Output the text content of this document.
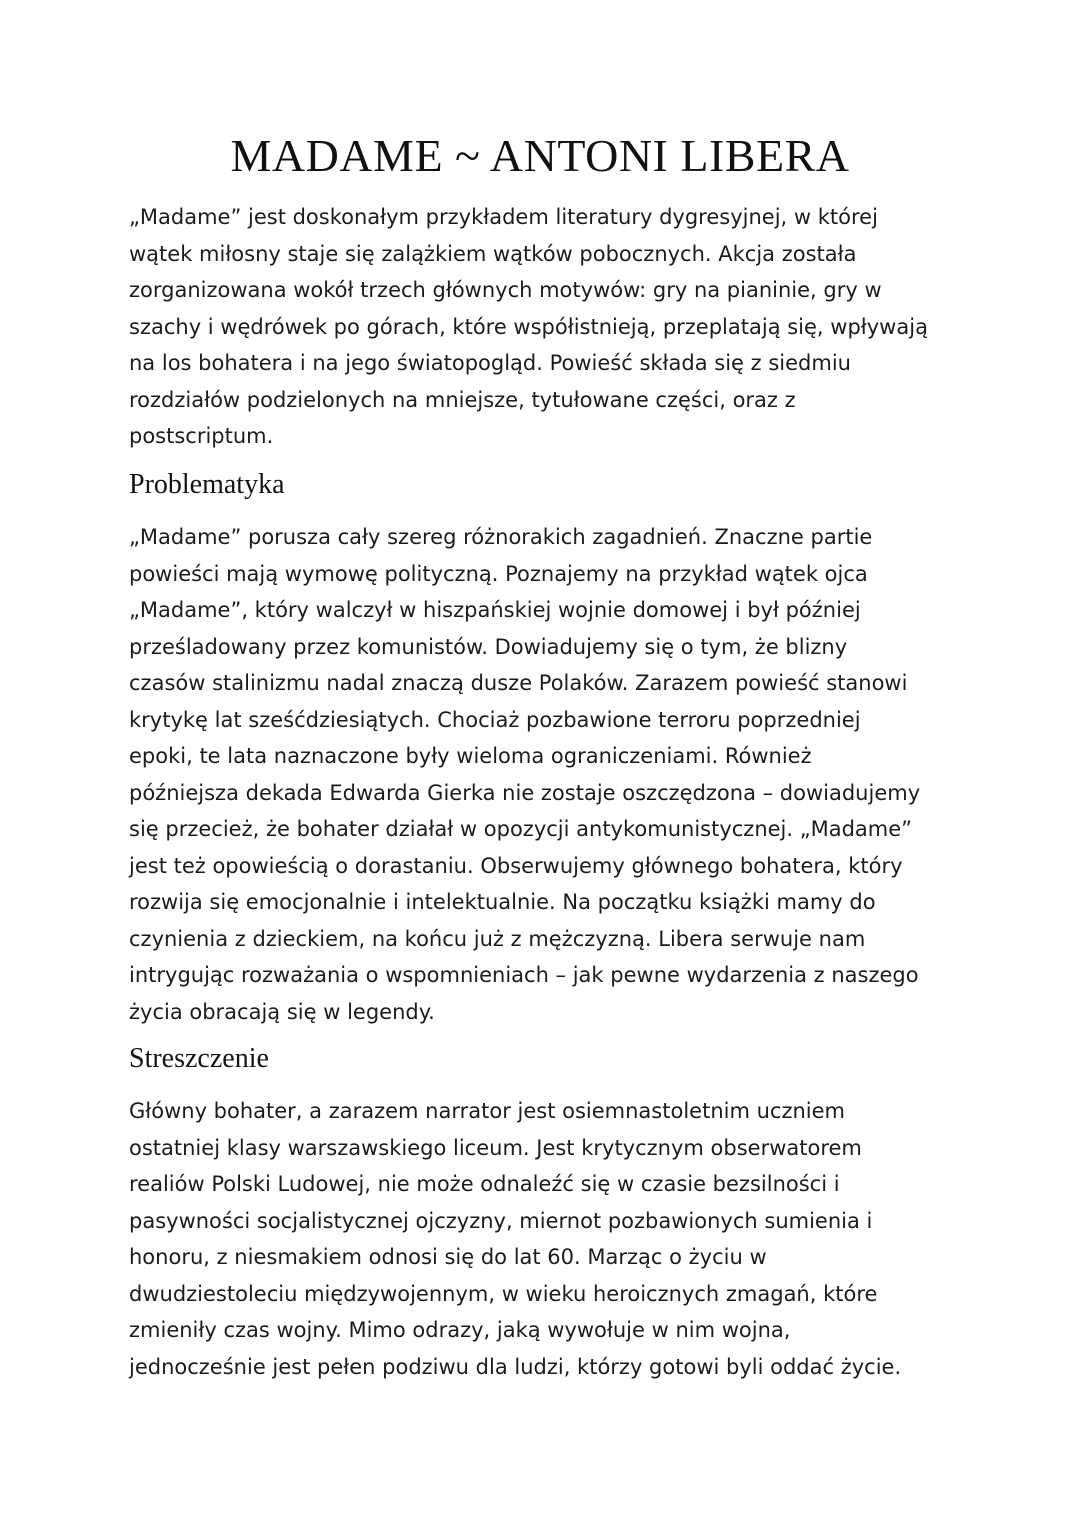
MADAME ~ ANTONI LIBERA

„Madame” jest doskonałym przykładem literatury dygresyjnej, w której
wątek miłosny staje się zalążkiem wątków pobocznych. Akcja została
zorganizowana wokół trzech głównych motywów: gry na pianinie, gry w
szachy i wędrówek po górach, które współistnieją, przeplatają się, wpływają
na los bohatera i na jego światopogląd. Powieść składa się z siedmiu
rozdziałów podzielonych na mniejsze, tytułowane części, oraz z
postscriptum.

Problematyka

„Madame” porusza cały szereg różnorakich zagadnień. Znaczne partie
powieści mają wymowę polityczną. Poznajemy na przykład wątek ojca
„Madame”, który walczył w hiszpańskiej wojnie domowej i był później
prześladowany przez komunistów. Dowiadujemy się o tym, że blizny
czasów stalinizmu nadal znaczą dusze Polaków. Zarazem powieść stanowi
krytykę lat sześćdziesiątych. Chociaż pozbawione terroru poprzedniej
epoki, te lata naznaczone były wieloma ograniczeniami. Również
późniejsza dekada Edwarda Gierka nie zostaje oszczędzona – dowiadujemy
się przecież, że bohater działał w opozycji antykomunistycznej. „Madame”
jest też opowieścią o dorastaniu. Obserwujemy głównego bohatera, który
rozwija się emocjonalnie i intelektualnie. Na początku książki mamy do
czynienia z dzieckiem, na końcu już z mężczyzną. Libera serwuje nam
intrygując rozważania o wspomnieniach – jak pewne wydarzenia z naszego
życia obracają się w legendy.

Streszczenie

Główny bohater, a zarazem narrator jest osiemnastoletnim uczniem
ostatniej klasy warszawskiego liceum. Jest krytycznym obserwatorem
realiów Polski Ludowej, nie może odnaleźć się w czasie bezsilności i
pasywności socjalistycznej ojczyzny, miernot pozbawionych sumienia i
honoru, z niesmakiem odnosi się do lat 60. Marząc o życiu w
dwudziestoleciu międzywojennym, w wieku heroicznych zmagań, które
zmieniły czas wojny. Mimo odrazy, jaką wywołuje w nim wojna,
jednocześnie jest pełen podziwu dla ludzi, którzy gotowi byli oddać życie.
